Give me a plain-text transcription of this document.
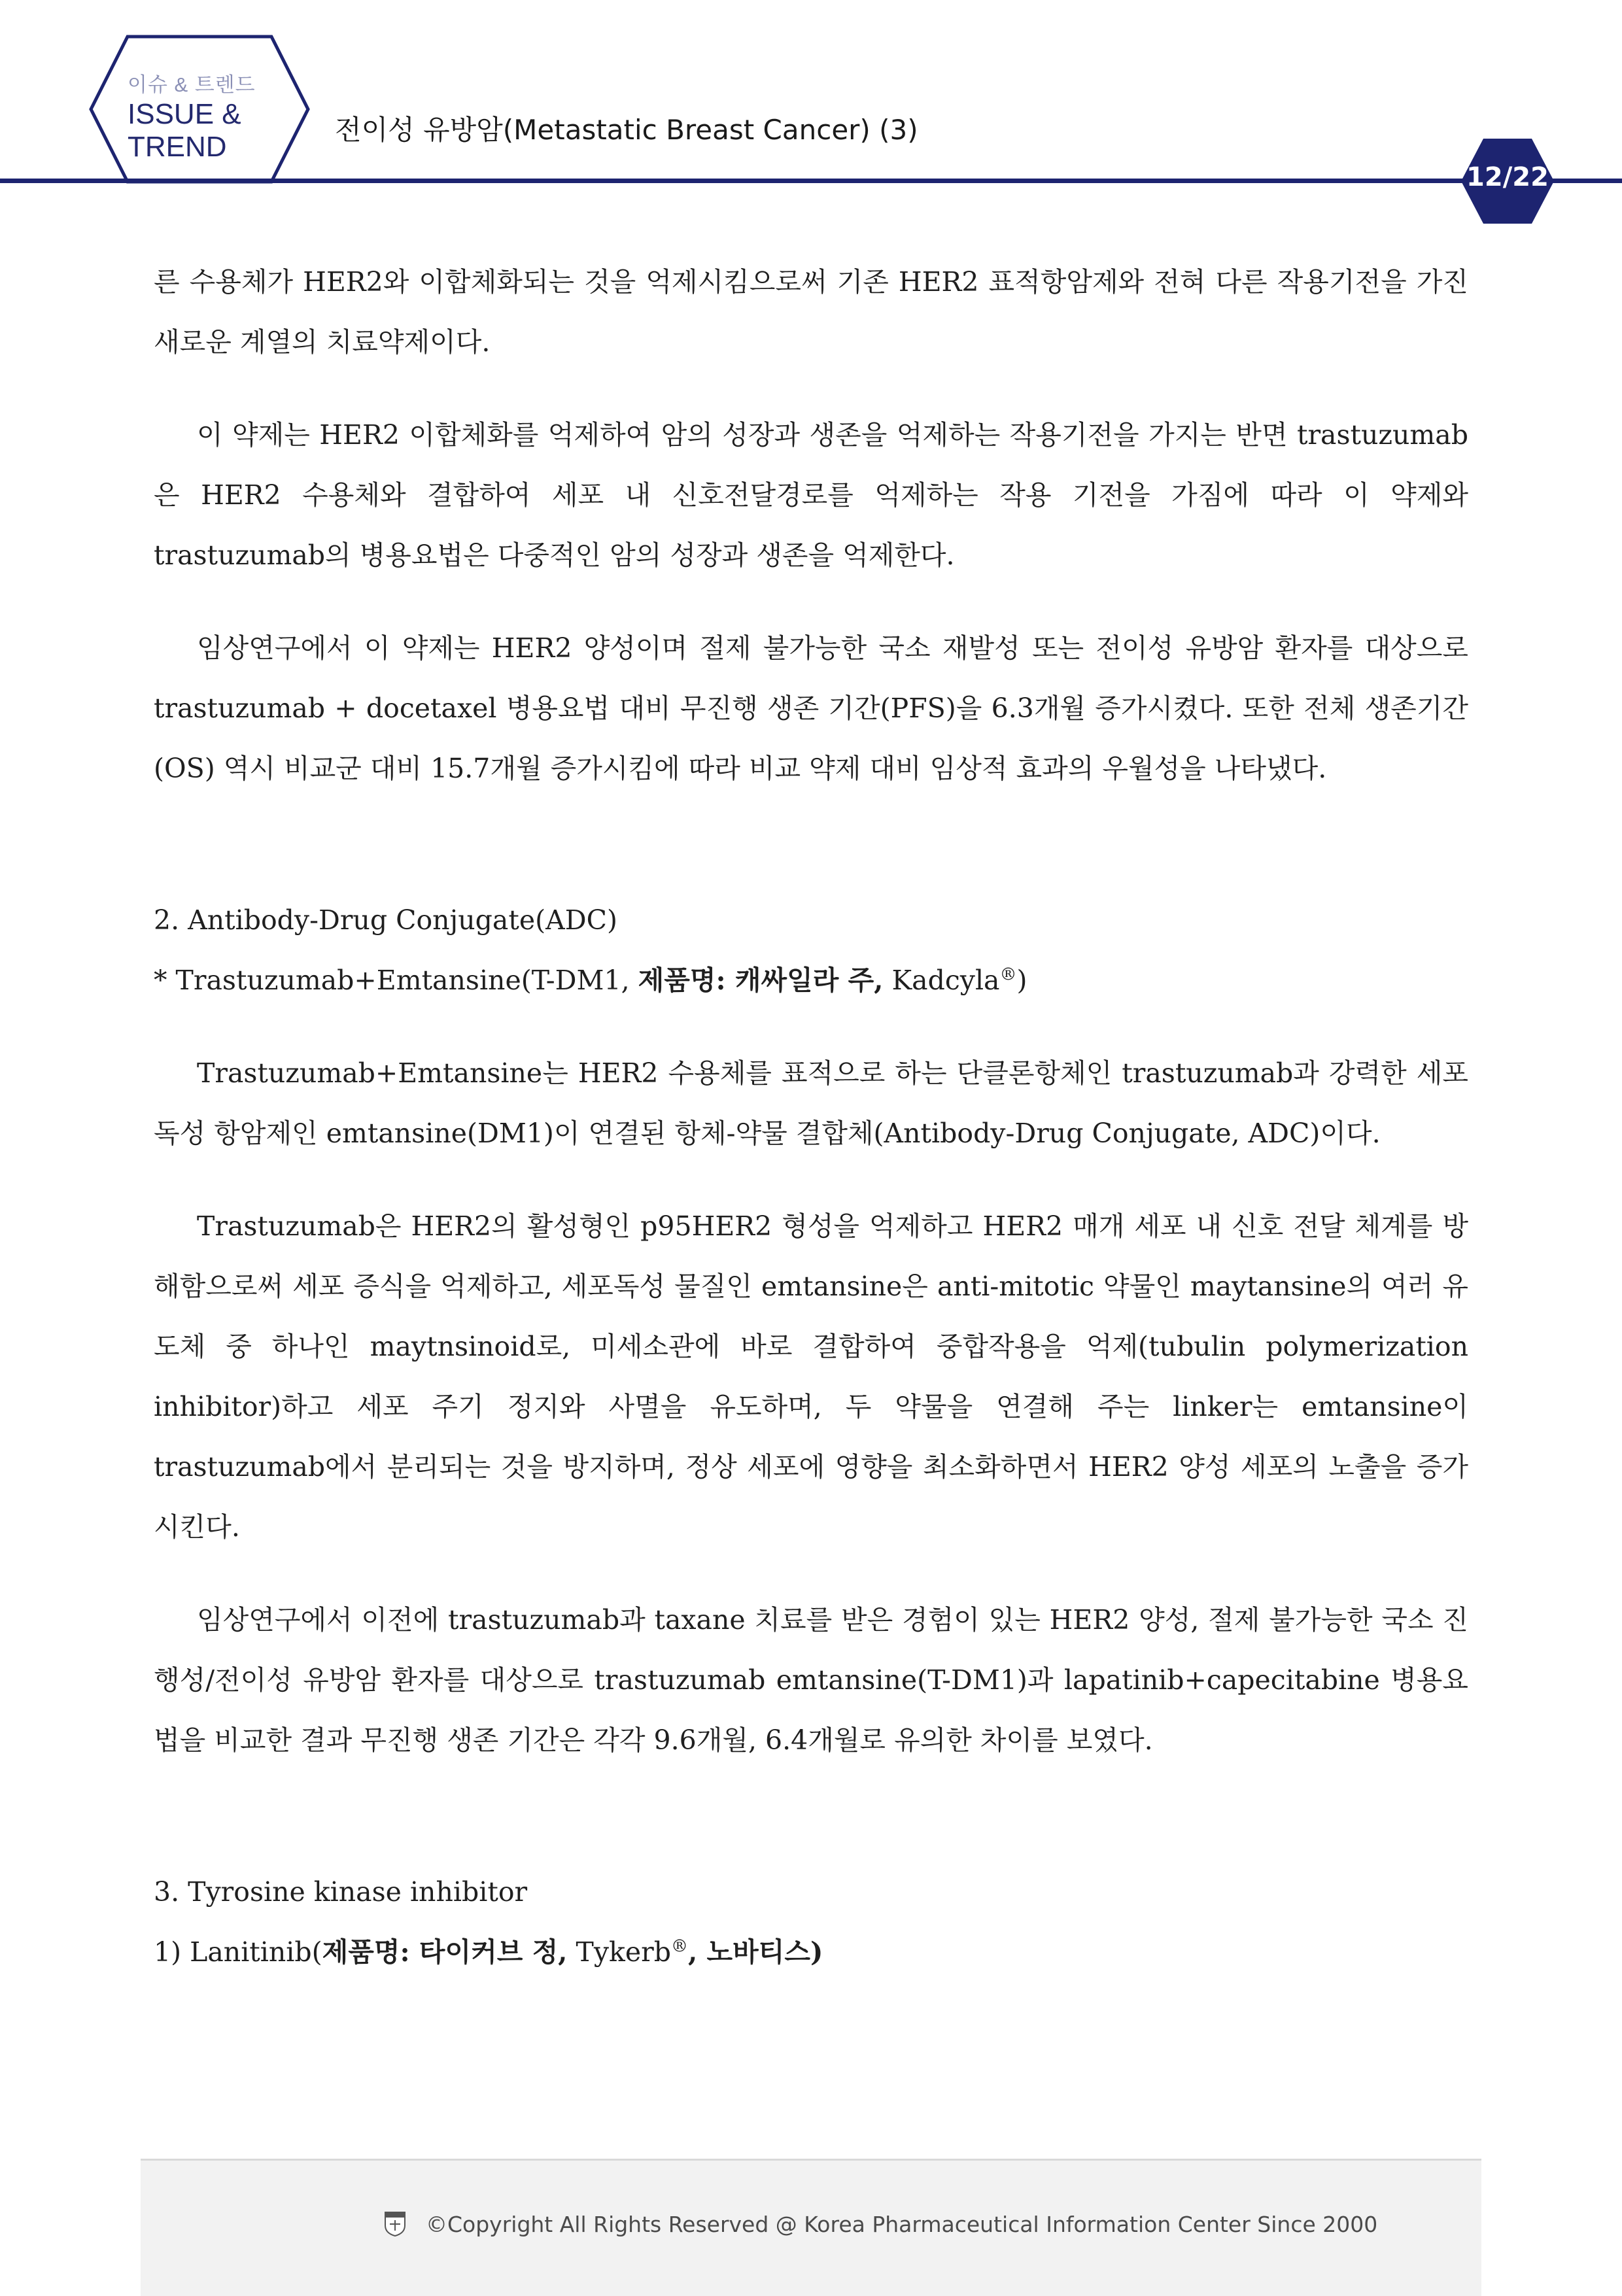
이슈 & 트렌드
ISSUE &
TREND
전이성 유방암(Metastatic Breast Cancer) (3)
12/22

른 수용체가 HER2와 이합체화되는 것을 억제시킴으로써 기존 HER2 표적항암제와 전혀 다른 작용기전을 가진 새로운 계열의 치료약제이다.

이 약제는 HER2 이합체화를 억제하여 암의 성장과 생존을 억제하는 작용기전을 가지는 반면 trastuzumab은 HER2 수용체와 결합하여 세포 내 신호전달경로를 억제하는 작용 기전을 가짐에 따라 이 약제와 trastuzumab의 병용요법은 다중적인 암의 성장과 생존을 억제한다.

임상연구에서 이 약제는 HER2 양성이며 절제 불가능한 국소 재발성 또는 전이성 유방암 환자를 대상으로 trastuzumab + docetaxel 병용요법 대비 무진행 생존 기간(PFS)을 6.3개월 증가시켰다. 또한 전체 생존기간(OS) 역시 비교군 대비 15.7개월 증가시킴에 따라 비교 약제 대비 임상적 효과의 우월성을 나타냈다.

2. Antibody-Drug Conjugate(ADC)

* Trastuzumab+Emtansine(T-DM1, 제품명: 캐싸일라 주, Kadcyla®)

Trastuzumab+Emtansine는 HER2 수용체를 표적으로 하는 단클론항체인 trastuzumab과 강력한 세포독성 항암제인 emtansine(DM1)이 연결된 항체-약물 결합체(Antibody-Drug Conjugate, ADC)이다.

Trastuzumab은 HER2의 활성형인 p95HER2 형성을 억제하고 HER2 매개 세포 내 신호 전달 체계를 방해함으로써 세포 증식을 억제하고, 세포독성 물질인 emtansine은 anti-mitotic 약물인 maytansine의 여러 유도체 중 하나인 maytnsinoid로, 미세소관에 바로 결합하여 중합작용을 억제(tubulin polymerization inhibitor)하고 세포 주기 정지와 사멸을 유도하며, 두 약물을 연결해 주는 linker는 emtansine이 trastuzumab에서 분리되는 것을 방지하며, 정상 세포에 영향을 최소화하면서 HER2 양성 세포의 노출을 증가시킨다.

임상연구에서 이전에 trastuzumab과 taxane 치료를 받은 경험이 있는 HER2 양성, 절제 불가능한 국소 진행성/전이성 유방암 환자를 대상으로 trastuzumab emtansine(T-DM1)과 lapatinib+capecitabine 병용요법을 비교한 결과 무진행 생존 기간은 각각 9.6개월, 6.4개월로 유의한 차이를 보였다.

3. Tyrosine kinase inhibitor

1) Lanitinib(제품명: 타이커브 정, Tykerb®, 노바티스)

©Copyright All Rights Reserved @ Korea Pharmaceutical Information Center Since 2000
